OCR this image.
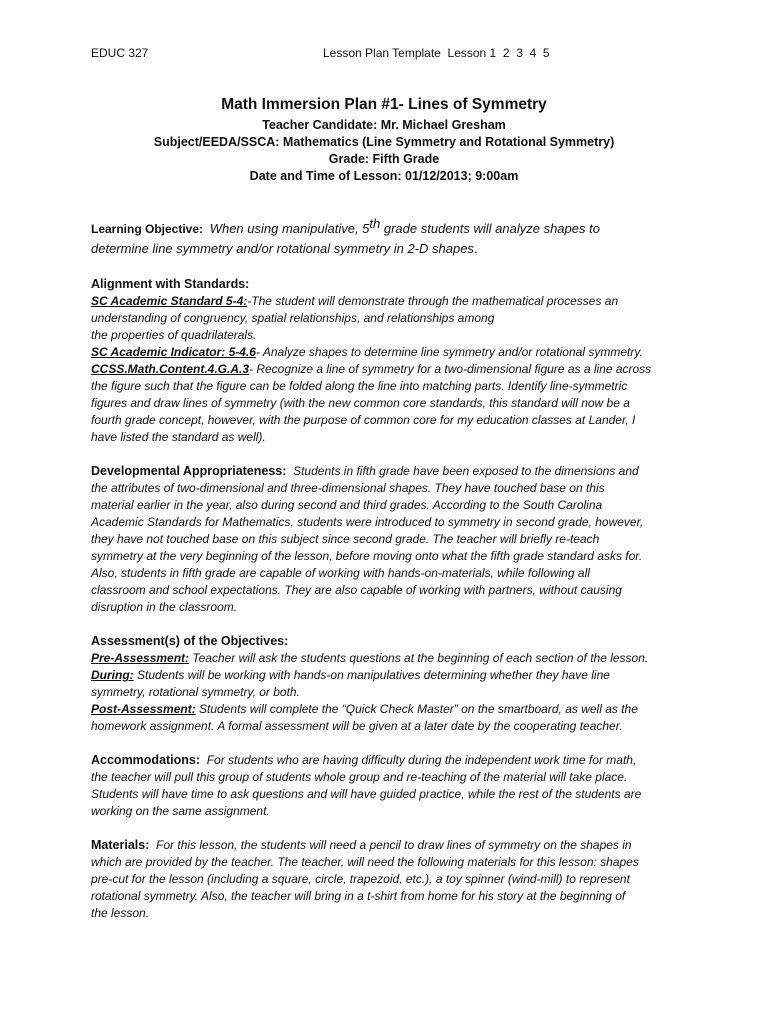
EDUC 327	Lesson Plan Template  Lesson 1  2  3  4  5
Math Immersion Plan #1- Lines of Symmetry
Teacher Candidate: Mr. Michael Gresham
Subject/EEDA/SSCA: Mathematics (Line Symmetry and Rotational Symmetry)
Grade: Fifth Grade
Date and Time of Lesson: 01/12/2013; 9:00am
Learning Objective: When using manipulative, 5th grade students will analyze shapes to
determine line symmetry and/or rotational symmetry in 2-D shapes.
Alignment with Standards:
SC Academic Standard 5-4:-The student will demonstrate through the mathematical processes an
understanding of congruency, spatial relationships, and relationships among
the properties of quadrilaterals.
SC Academic Indicator: 5-4.6- Analyze shapes to determine line symmetry and/or rotational symmetry.
CCSS.Math.Content.4.G.A.3- Recognize a line of symmetry for a two-dimensional figure as a line across
the figure such that the figure can be folded along the line into matching parts. Identify line-symmetric
figures and draw lines of symmetry (with the new common core standards, this standard will now be a
fourth grade concept, however, with the purpose of common core for my education classes at Lander, I
have listed the standard as well).
Developmental Appropriateness: Students in fifth grade have been exposed to the dimensions and
the attributes of two-dimensional and three-dimensional shapes. They have touched base on this
material earlier in the year, also during second and third grades. According to the South Carolina
Academic Standards for Mathematics, students were introduced to symmetry in second grade, however,
they have not touched base on this subject since second grade. The teacher will briefly re-teach
symmetry at the very beginning of the lesson, before moving onto what the fifth grade standard asks for.
Also, students in fifth grade are capable of working with hands-on-materials, while following all
classroom and school expectations. They are also capable of working with partners, without causing
disruption in the classroom.
Assessment(s) of the Objectives:
Pre-Assessment: Teacher will ask the students questions at the beginning of each section of the lesson.
During: Students will be working with hands-on manipulatives determining whether they have line
symmetry, rotational symmetry, or both.
Post-Assessment: Students will complete the “Quick Check Master” on the smartboard, as well as the
homework assignment. A formal assessment will be given at a later date by the cooperating teacher.
Accommodations: For students who are having difficulty during the independent work time for math,
the teacher will pull this group of students whole group and re-teaching of the material will take place.
Students will have time to ask questions and will have guided practice, while the rest of the students are
working on the same assignment.
Materials: For this lesson, the students will need a pencil to draw lines of symmetry on the shapes in
which are provided by the teacher. The teacher, will need the following materials for this lesson: shapes
pre-cut for the lesson (including a square, circle, trapezoid, etc.), a toy spinner (wind-mill) to represent
rotational symmetry. Also, the teacher will bring in a t-shirt from home for his story at the beginning of
the lesson.
